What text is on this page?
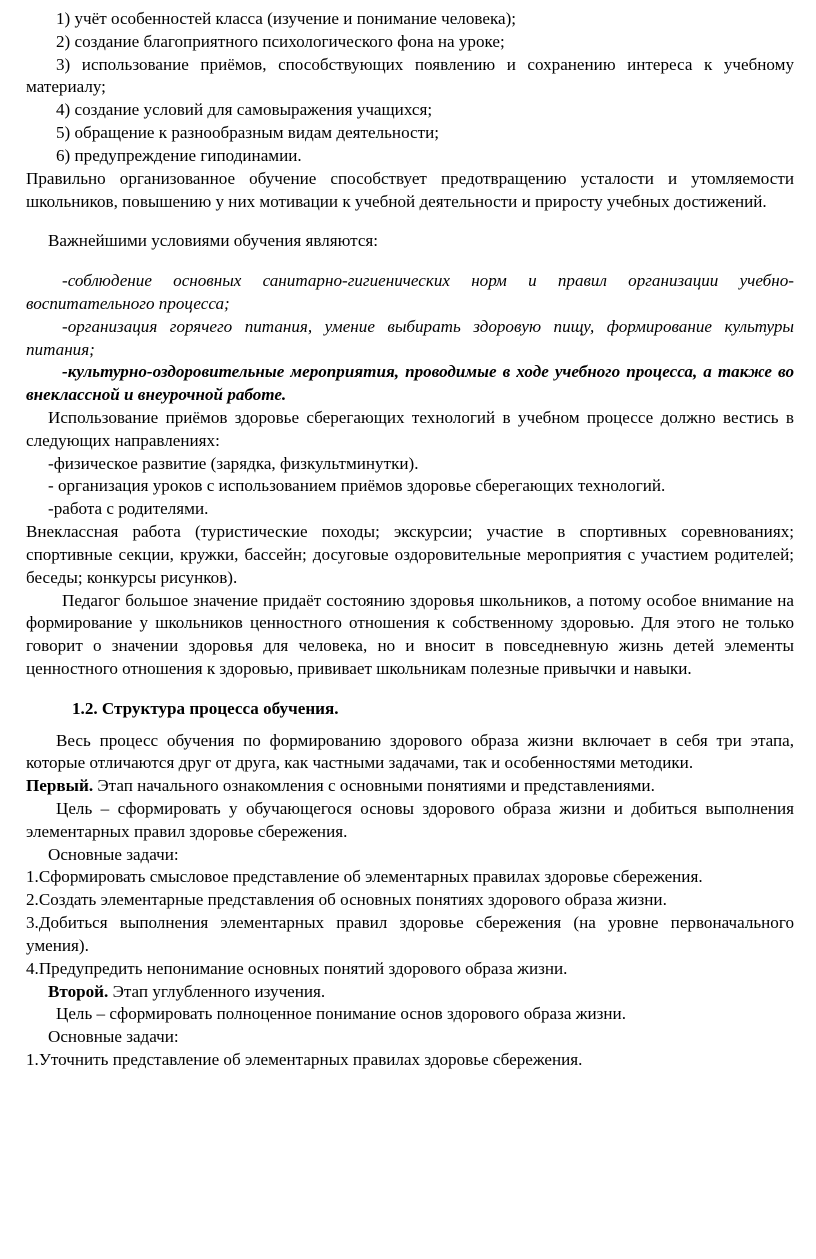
1) учёт особенностей класса (изучение и понимание человека);

2) создание благоприятного психологического фона на уроке;

3) использование приёмов, способствующих появлению и сохранению интереса к учебному материалу;

4) создание условий для самовыражения учащихся;

5) обращение к разнообразным видам деятельности;

6) предупреждение гиподинамии.

Правильно организованное обучение способствует предотвращению усталости и утомляемости школьников, повышению у них мотивации к учебной деятельности и приросту учебных достижений.

Важнейшими условиями обучения являются:

-соблюдение основных санитарно-гигиенических норм и правил организации учебно-воспитательного процесса;

-организация горячего питания, умение выбирать здоровую пищу, формирование культуры питания;

-культурно-оздоровительные мероприятия, проводимые в ходе учебного процесса, а также во внеклассной и внеурочной работе.

Использование приёмов здоровье сберегающих технологий в учебном процессе должно вестись в следующих направлениях:

-физическое развитие (зарядка, физкультминутки).

- организация уроков с использованием приёмов здоровье сберегающих технологий.

-работа с родителями.

Внеклассная работа (туристические походы; экскурсии; участие в спортивных соревнованиях; спортивные секции, кружки, бассейн; досуговые оздоровительные мероприятия с участием родителей; беседы; конкурсы рисунков).

Педагог большое значение придаёт состоянию здоровья школьников, а потому особое внимание на формирование у школьников ценностного отношения к собственному здоровью. Для этого не только говорит о значении здоровья для человека, но и вносит в повседневную жизнь детей элементы ценностного отношения к здоровью, прививает школьникам полезные привычки и навыки.

1.2. Структура процесса обучения.

Весь процесс обучения по формированию здорового образа жизни включает в себя три этапа, которые отличаются друг от друга, как частными задачами, так и особенностями методики.

Первый. Этап начального ознакомления с основными понятиями и представлениями.

Цель – сформировать у обучающегося основы здорового образа жизни и добиться выполнения элементарных правил здоровье сбережения.

Основные задачи:

1.Сформировать смысловое представление об элементарных правилах здоровье сбережения.

2.Создать элементарные представления об основных понятиях здорового образа жизни.

3.Добиться выполнения элементарных правил здоровье сбережения (на уровне первоначального умения).

4.Предупредить непонимание основных понятий здорового образа жизни.

Второй. Этап углубленного изучения.

Цель – сформировать полноценное понимание основ здорового образа жизни.

Основные задачи:

1.Уточнить представление об элементарных правилах здоровье сбережения.
